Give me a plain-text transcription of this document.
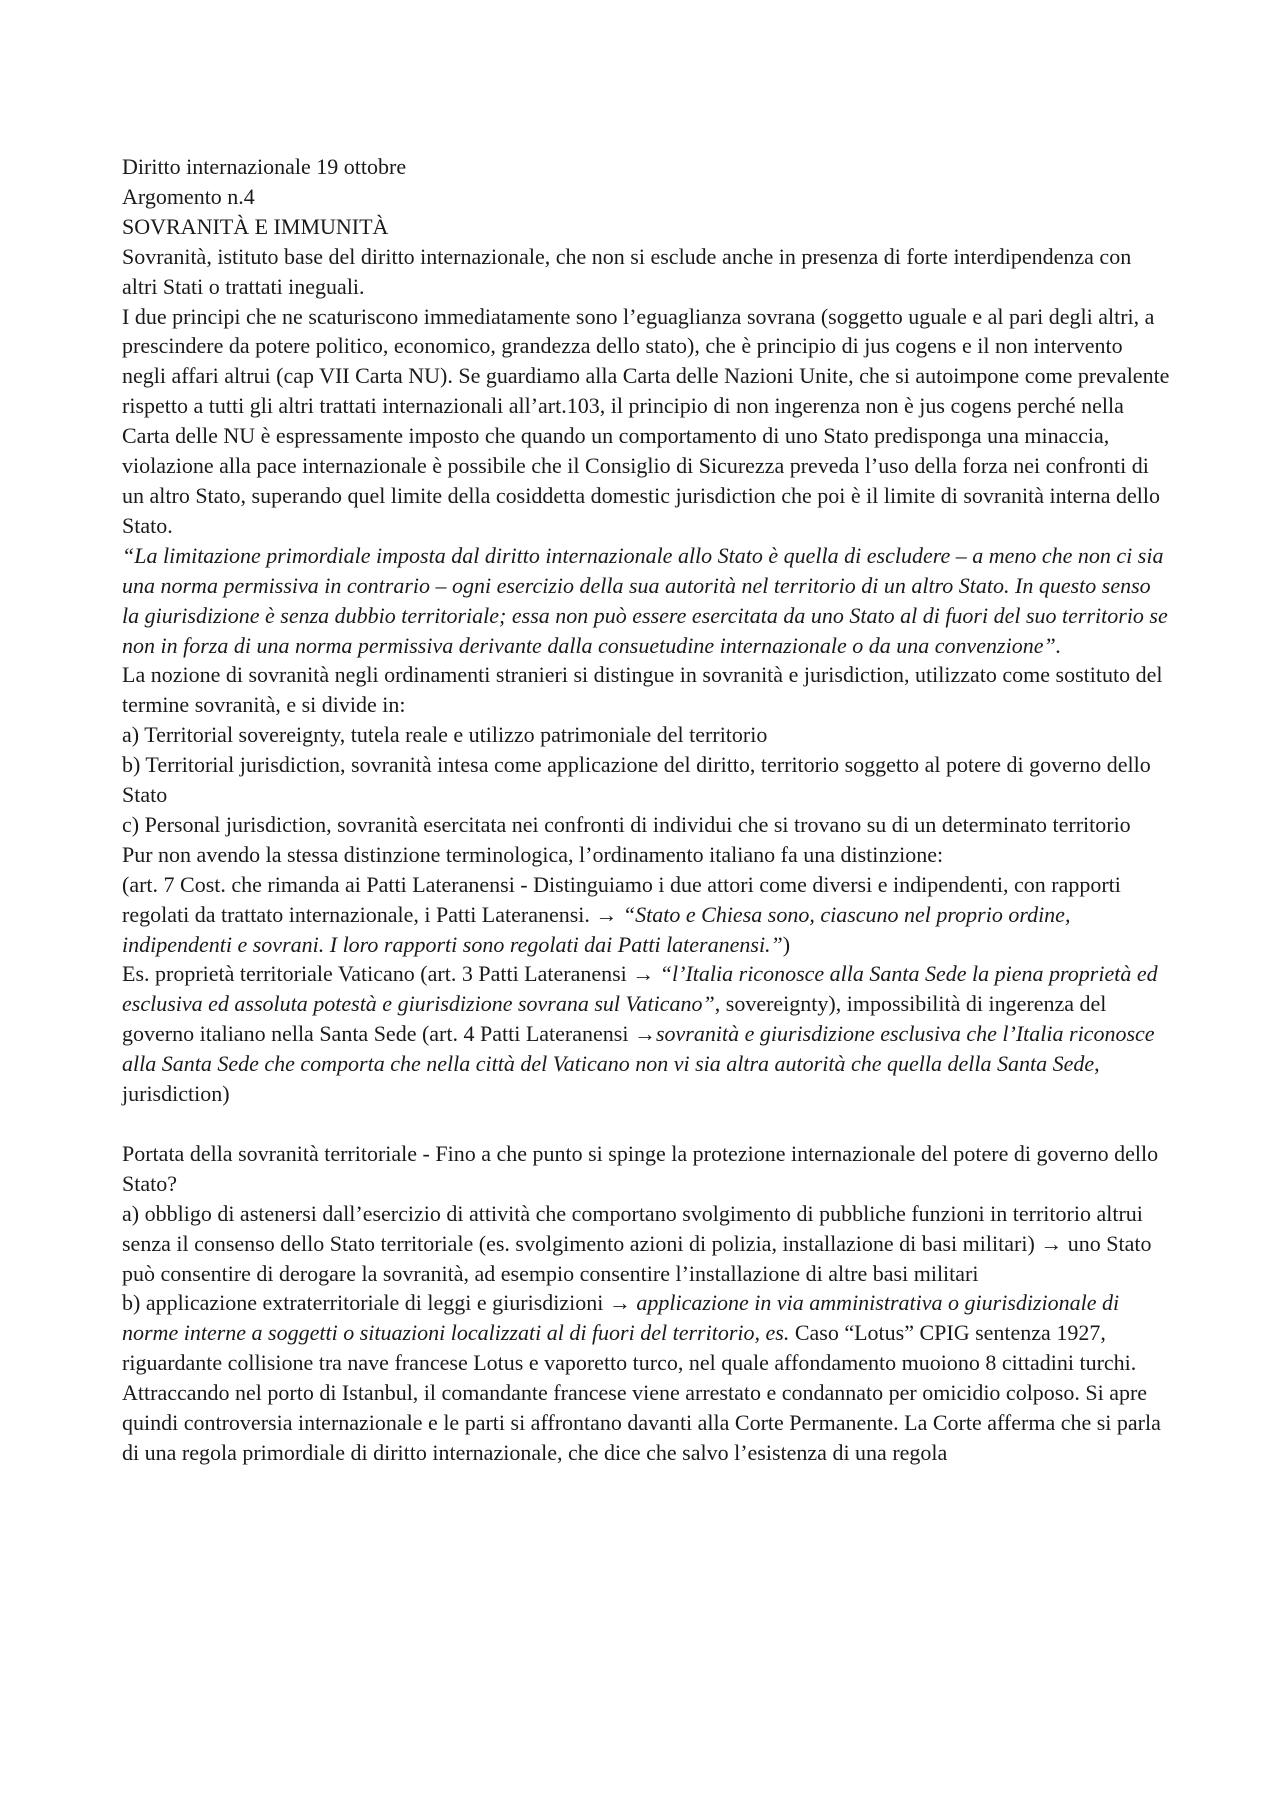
Diritto internazionale 19 ottobre

Argomento n.4

SOVRANITÀ E IMMUNITÀ

Sovranità, istituto base del diritto internazionale, che non si esclude anche in presenza di forte interdipendenza con altri Stati o trattati ineguali.

I due principi che ne scaturiscono immediatamente sono l’eguaglianza sovrana (soggetto uguale e al pari degli altri, a prescindere da potere politico, economico, grandezza dello stato), che è principio di jus cogens e il non intervento negli affari altrui (cap VII Carta NU). Se guardiamo alla Carta delle Nazioni Unite, che si autoimpone come prevalente rispetto a tutti gli altri trattati internazionali all’art.103, il principio di non ingerenza non è jus cogens perché nella Carta delle NU è espressamente imposto che quando un comportamento di uno Stato predisponga una minaccia, violazione alla pace internazionale è possibile che il Consiglio di Sicurezza preveda l’uso della forza nei confronti di un altro Stato, superando quel limite della cosiddetta domestic jurisdiction che poi è il limite di sovranità interna dello Stato.

“La limitazione primordiale imposta dal diritto internazionale allo Stato è quella di escludere – a meno che non ci sia una norma permissiva in contrario – ogni esercizio della sua autorità nel territorio di un altro Stato. In questo senso la giurisdizione è senza dubbio territoriale; essa non può essere esercitata da uno Stato al di fuori del suo territorio se non in forza di una norma permissiva derivante dalla consuetudine internazionale o da una convenzione”.

La nozione di sovranità negli ordinamenti stranieri si distingue in sovranità e jurisdiction, utilizzato come sostituto del termine sovranità, e si divide in:

a) Territorial sovereignty, tutela reale e utilizzo patrimoniale del territorio

b) Territorial jurisdiction, sovranità intesa come applicazione del diritto, territorio soggetto al potere di governo dello Stato

c) Personal jurisdiction, sovranità esercitata nei confronti di individui che si trovano su di un determinato territorio

Pur non avendo la stessa distinzione terminologica, l’ordinamento italiano fa una distinzione:

(art. 7 Cost. che rimanda ai Patti Lateranensi - Distinguiamo i due attori come diversi e indipendenti, con rapporti regolati da trattato internazionale, i Patti Lateranensi. → “Stato e Chiesa sono, ciascuno nel proprio ordine, indipendenti e sovrani. I loro rapporti sono regolati dai Patti lateranensi.”)

Es. proprietà territoriale Vaticano (art. 3 Patti Lateranensi → “l’Italia riconosce alla Santa Sede la piena proprietà ed esclusiva ed assoluta potestà e giurisdizione sovrana sul Vaticano”, sovereignty), impossibilità di ingerenza del governo italiano nella Santa Sede (art. 4 Patti Lateranensi →sovranità e giurisdizione esclusiva che l’Italia riconosce alla Santa Sede che comporta che nella città del Vaticano non vi sia altra autorità che quella della Santa Sede, jurisdiction)

Portata della sovranità territoriale - Fino a che punto si spinge la protezione internazionale del potere di governo dello Stato?

a) obbligo di astenersi dall’esercizio di attività che comportano svolgimento di pubbliche funzioni in territorio altrui senza il consenso dello Stato territoriale (es. svolgimento azioni di polizia, installazione di basi militari) → uno Stato può consentire di derogare la sovranità, ad esempio consentire l’installazione di altre basi militari

b) applicazione extraterritoriale di leggi e giurisdizioni → applicazione in via amministrativa o giurisdizionale di norme interne a soggetti o situazioni localizzati al di fuori del territorio, es. Caso “Lotus” CPIG sentenza 1927, riguardante collisione tra nave francese Lotus e vaporetto turco, nel quale affondamento muoiono 8 cittadini turchi. Attraccando nel porto di Istanbul, il comandante francese viene arrestato e condannato per omicidio colposo. Si apre quindi controversia internazionale e le parti si affrontano davanti alla Corte Permanente. La Corte afferma che si parla di una regola primordiale di diritto internazionale, che dice che salvo l’esistenza di una regola
